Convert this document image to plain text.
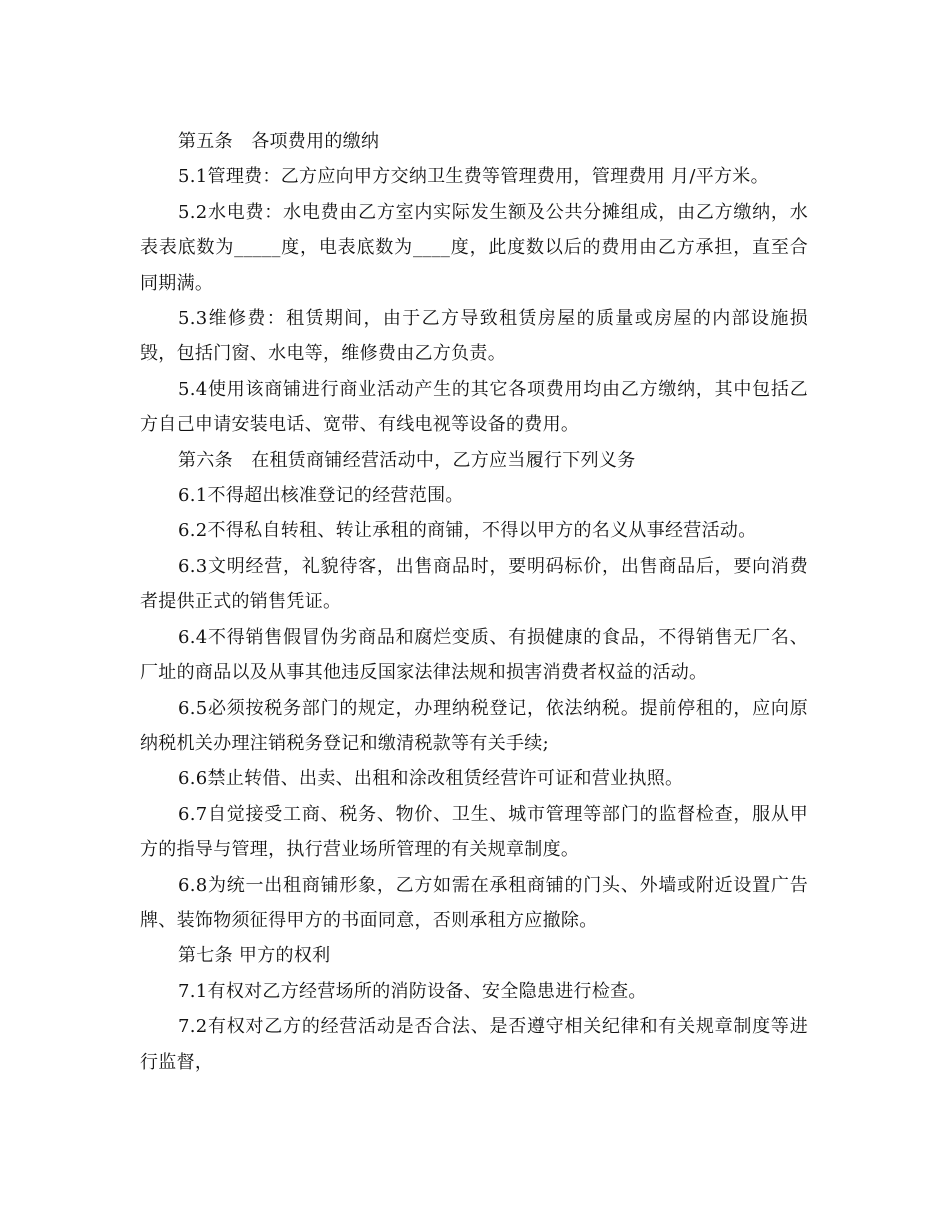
第五条　各项费用的缴纳

5.1管理费：乙方应向甲方交纳卫生费等管理费用，管理费用 月/平方米。

5.2水电费：水电费由乙方室内实际发生额及公共分摊组成，由乙方缴纳，水表表底数为_____度，电表底数为____度，此度数以后的费用由乙方承担，直至合同期满。

5.3维修费：租赁期间，由于乙方导致租赁房屋的质量或房屋的内部设施损毁，包括门窗、水电等，维修费由乙方负责。

5.4使用该商铺进行商业活动产生的其它各项费用均由乙方缴纳，其中包括乙方自己申请安装电话、宽带、有线电视等设备的费用。

第六条　在租赁商铺经营活动中，乙方应当履行下列义务

6.1不得超出核准登记的经营范围。

6.2不得私自转租、转让承租的商铺，不得以甲方的名义从事经营活动。

6.3文明经营，礼貌待客，出售商品时，要明码标价，出售商品后，要向消费者提供正式的销售凭证。

6.4不得销售假冒伪劣商品和腐烂变质、有损健康的食品，不得销售无厂名、厂址的商品以及从事其他违反国家法律法规和损害消费者权益的活动。

6.5必须按税务部门的规定，办理纳税登记，依法纳税。提前停租的，应向原纳税机关办理注销税务登记和缴清税款等有关手续;

6.6禁止转借、出卖、出租和涂改租赁经营许可证和营业执照。

6.7自觉接受工商、税务、物价、卫生、城市管理等部门的监督检查，服从甲方的指导与管理，执行营业场所管理的有关规章制度。

6.8为统一出租商铺形象，乙方如需在承租商铺的门头、外墙或附近设置广告牌、装饰物须征得甲方的书面同意，否则承租方应撤除。

第七条 甲方的权利

7.1有权对乙方经营场所的消防设备、安全隐患进行检查。

7.2有权对乙方的经营活动是否合法、是否遵守相关纪律和有关规章制度等进行监督，
